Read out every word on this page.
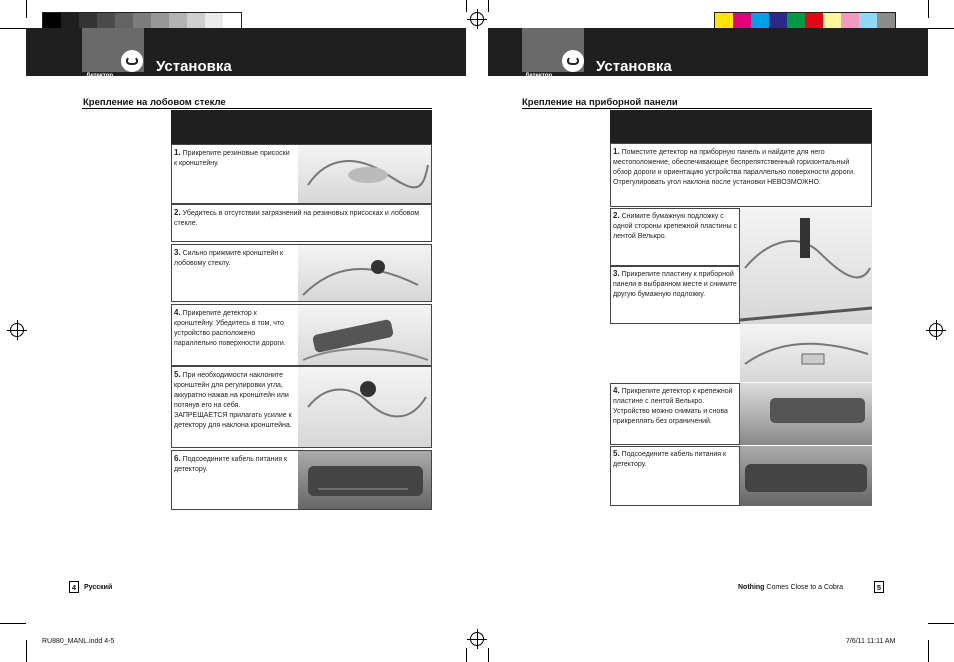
Детектор
Установка
Крепление на лобовом стекле
1. Прикрепите резиновые присоски к кронштейну.
2. Убедитесь в отсутствии загрязнений на резиновых присосках и лобовом стекле.
3. Сильно прижмите кронштейн к лобовому стеклу.
4. Прикрепите детектор к кронштейну. Убедитесь в том, что устройство расположено параллельно поверхности дороги.
5. При необходимости наклоните кронштейн для регулировки угла, аккуратно нажав на кронштейн или потянув его на себя. ЗАПРЕЩАЕТСЯ прилагать усилие к детектору для наклона кронштейна.
6. Подсоедините кабель питания к детектору.
4	Русский
Детектор
Установка
Крепление на приборной панели
1. Поместите детектор на приборную панель и найдите для него местоположение, обеспечивающее беспрепятственный горизонтальный обзор дороги и ориентацию устройства параллельно поверхности дороги. Отрегулировать угол наклона после установки НЕВОЗМОЖНО.
2. Снимите бумажную подложку с одной стороны крепежной пластины с лентой Велькро.
3. Прикрепите пластину к приборной панели в выбранном месте и снимите другую бумажную подложку.
4. Прикрепите детектор к крепежной пластине с лентой Велькро. Устройство можно снимать и снова прикреплять без ограничений.
5. Подсоедините кабель питания к детектору.
Nothing Comes Close to a Cobra	5
RU880_MANL.indd 4-5	7/6/11 11:11 AM
